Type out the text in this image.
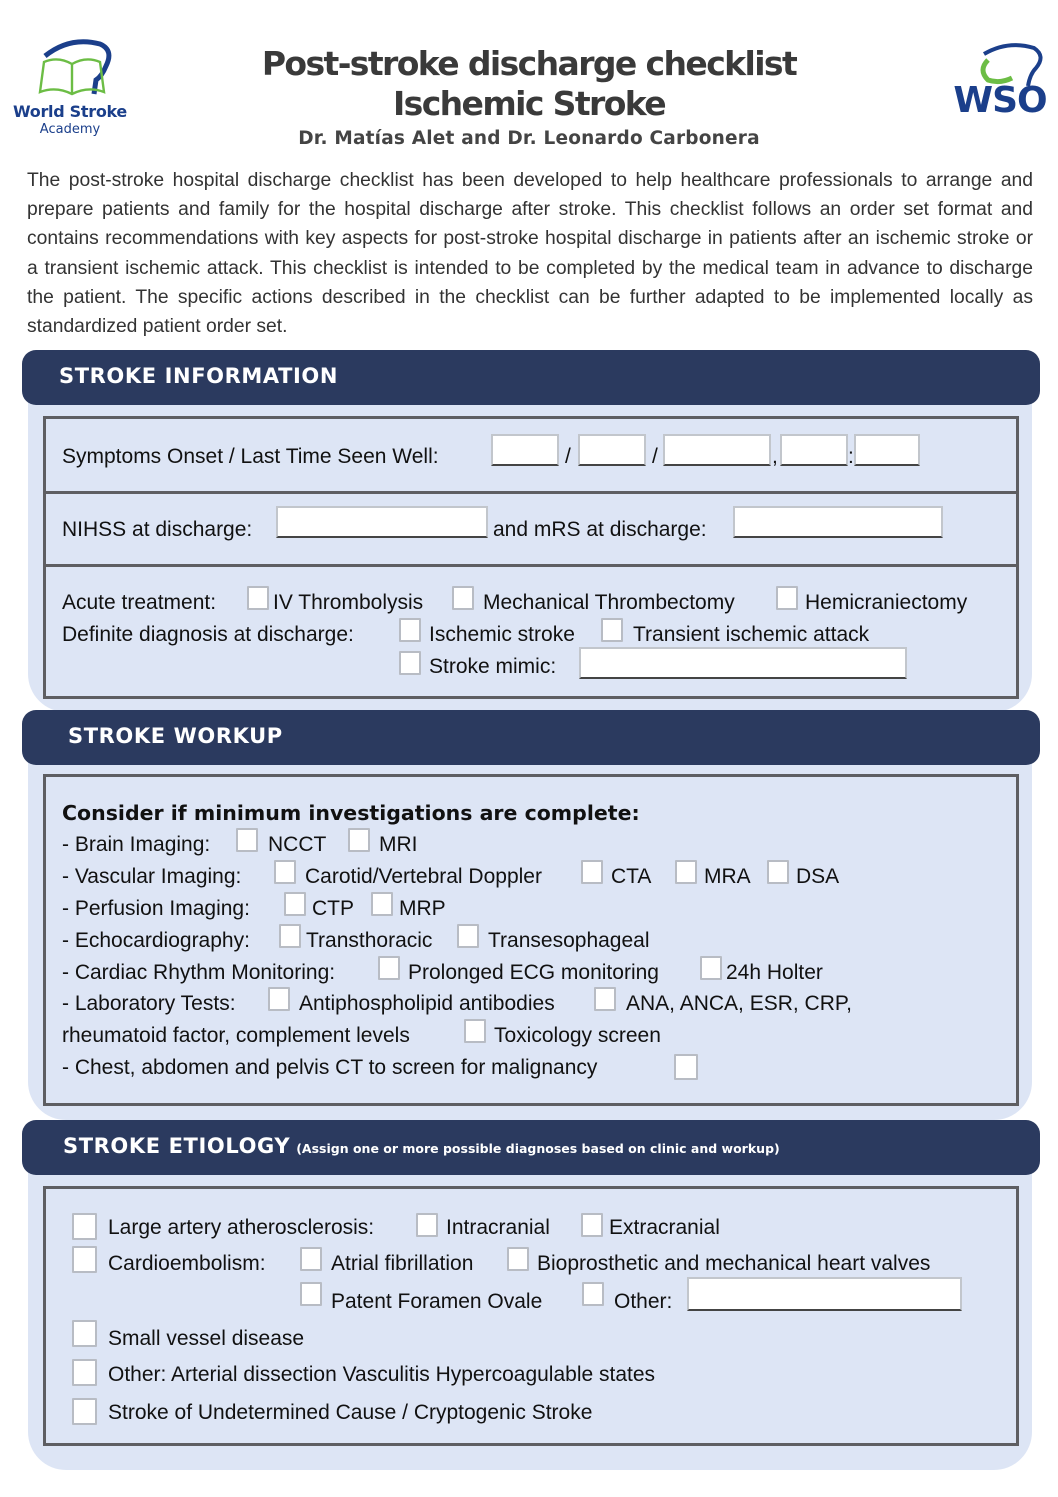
World Stroke
Academy
WSO
Post-stroke discharge checklist
Ischemic Stroke
Dr. Matías Alet and Dr. Leonardo Carbonera
The post-stroke hospital discharge checklist has been developed to help healthcare professionals to arrange and prepare patients and family for the hospital discharge after stroke. This checklist follows an order set format and contains recommendations with key aspects for post-stroke hospital discharge in patients after an ischemic stroke or a transient ischemic attack. This checklist is intended to be completed by the medical team in advance to discharge the patient. The specific actions described in the checklist can be further adapted to be implemented locally as standardized patient order set.
STROKE INFORMATION
Symptoms Onset / Last Time Seen Well:	/	/	,	:
NIHSS at discharge:	and mRS at discharge:
Acute treatment:	IV Thrombolysis	Mechanical Thrombectomy	Hemicraniectomy
Definite diagnosis at discharge:	Ischemic stroke	Transient ischemic attack
Stroke mimic:
STROKE WORKUP
Consider if minimum investigations are complete:
- Brain Imaging:	NCCT	MRI
- Vascular Imaging:	Carotid/Vertebral Doppler	CTA	MRA DSA
- Perfusion Imaging:	CTP MRP
- Echocardiography:	Transthoracic	Transesophageal
- Cardiac Rhythm Monitoring:	Prolonged ECG monitoring	24h Holter
- Laboratory Tests:	Antiphospholipid antibodies	ANA, ANCA, ESR, CRP,
rheumatoid factor, complement levels	Toxicology screen
- Chest, abdomen and pelvis CT to screen for malignancy
STROKE ETIOLOGY (Assign one or more possible diagnoses based on clinic and workup)
Large artery atherosclerosis:	Intracranial	Extracranial
Cardioembolism:	Atrial fibrillation	Bioprosthetic and mechanical heart valves
Patent Foramen Ovale	Other:
Small vessel disease
Other: Arterial dissection Vasculitis Hypercoagulable states
Stroke of Undetermined Cause / Cryptogenic Stroke
